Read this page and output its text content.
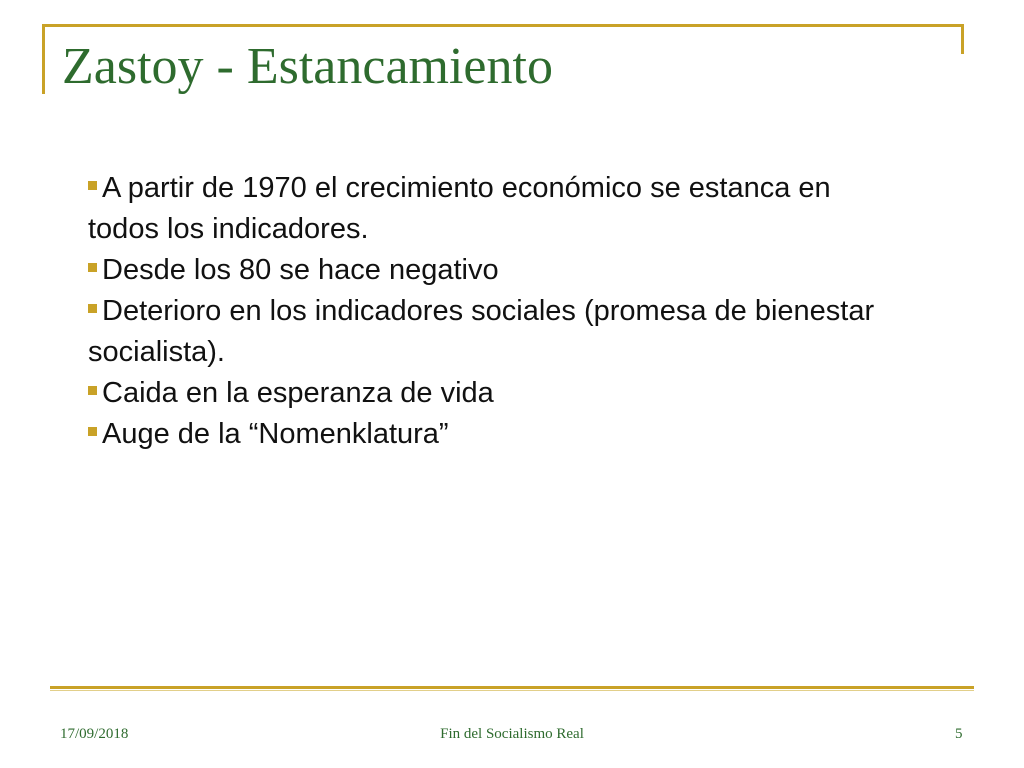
Zastoy - Estancamiento

A partir de 1970 el crecimiento económico se estanca en todos los indicadores.

Desde los 80 se hace negativo

Deterioro en los indicadores sociales (promesa de bienestar socialista).

Caida en la esperanza de vida

Auge de la “Nomenklatura”

17/09/2018	Fin del Socialismo Real	5
